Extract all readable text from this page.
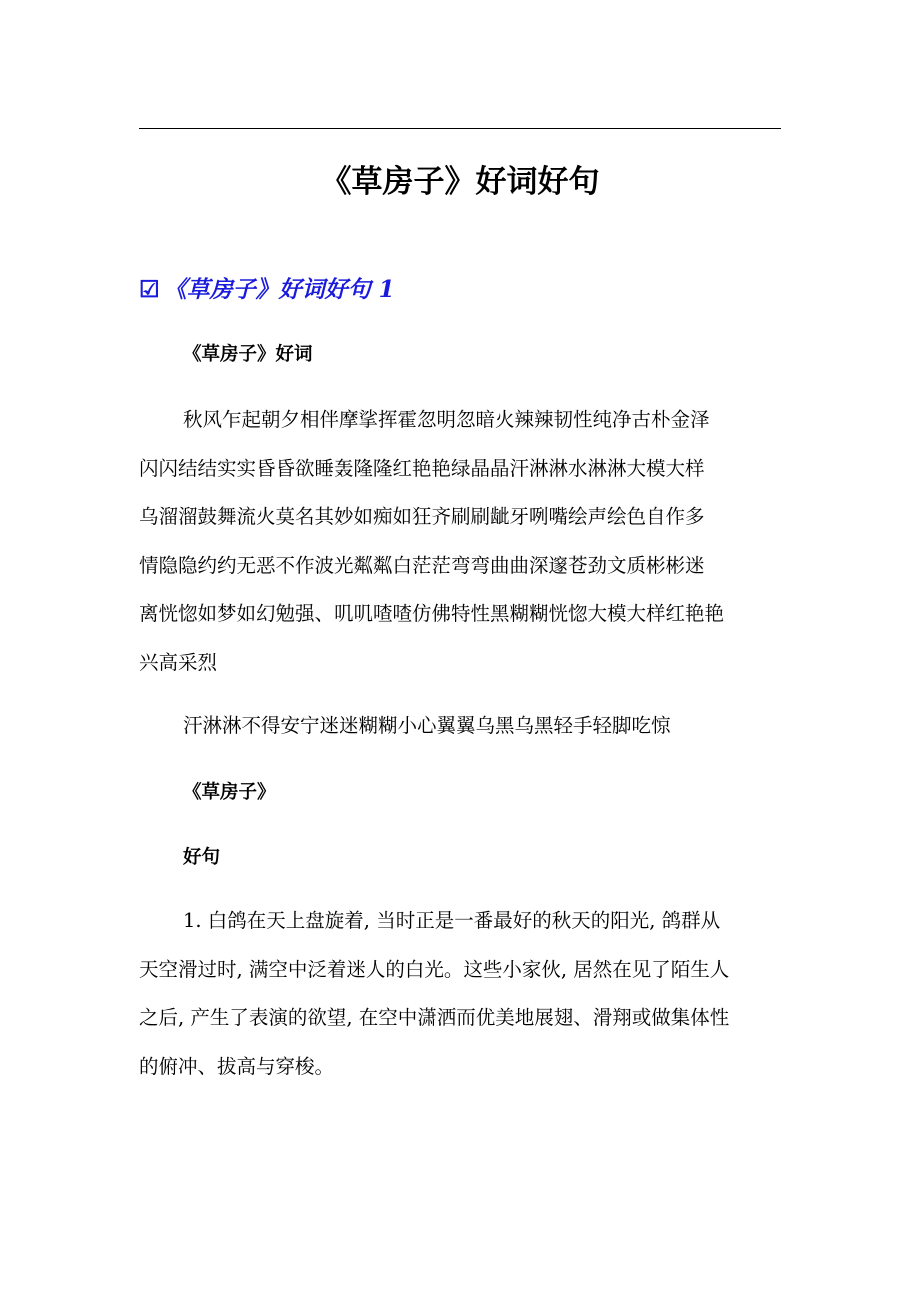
《草房子》好词好句
☑ 《草房子》好词好句 1

《草房子》好词

秋风乍起朝夕相伴摩挲挥霍忽明忽暗火辣辣韧性纯净古朴金泽
闪闪结结实实昏昏欲睡轰隆隆红艳艳绿晶晶汗淋淋水淋淋大模大样
乌溜溜鼓舞流火莫名其妙如痴如狂齐刷刷龇牙咧嘴绘声绘色自作多
情隐隐约约无恶不作波光粼粼白茫茫弯弯曲曲深邃苍劲文质彬彬迷
离恍惚如梦如幻勉强、叽叽喳喳仿佛特性黑糊糊恍惚大模大样红艳艳
兴高采烈
汗淋淋不得安宁迷迷糊糊小心翼翼乌黑乌黑轻手轻脚吃惊

《草房子》

好句

1. 白鸽在天上盘旋着, 当时正是一番最好的秋天的阳光, 鸽群从
天空滑过时, 满空中泛着迷人的白光。这些小家伙, 居然在见了陌生人
之后, 产生了表演的欲望, 在空中潇洒而优美地展翅、滑翔或做集体性
的俯冲、拔高与穿梭。
